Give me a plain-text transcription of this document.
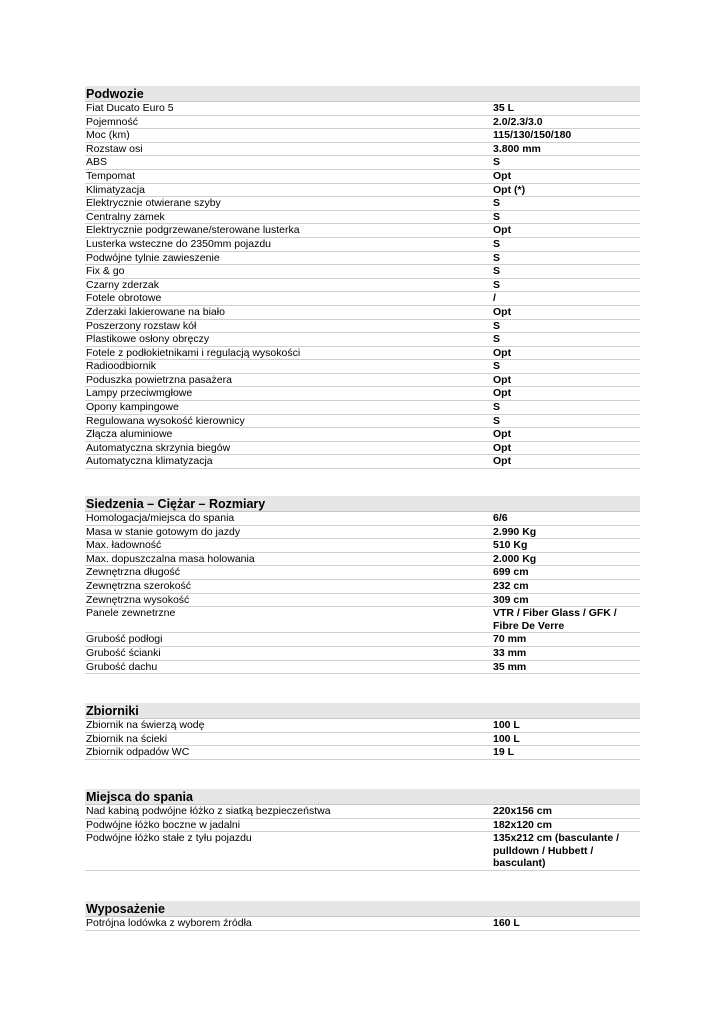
Podwozie
Fiat Ducato Euro 5	35 L
Pojemność	2.0/2.3/3.0
Moc (km)	115/130/150/180
Rozstaw osi	3.800 mm
ABS	S
Tempomat	Opt
Klimatyzacja	Opt (*)
Elektrycznie otwierane szyby	S
Centralny zamek	S
Elektrycznie podgrzewane/sterowane lusterka	Opt
Lusterka wsteczne do 2350mm pojazdu	S
Podwójne tylnie zawieszenie	S
Fix & go	S
Czarny zderzak	S
Fotele obrotowe	/
Zderzaki lakierowane na biało	Opt
Poszerzony rozstaw kół	S
Plastikowe osłony obręczy	S
Fotele z podłokietnikami i regulacją wysokości	Opt
Radioodbiornik	S
Poduszka powietrzna pasażera	Opt
Lampy przeciwmgłowe	Opt
Opony kampingowe	S
Regulowana wysokość kierownicy	S
Złącza aluminiowe	Opt
Automatyczna skrzynia biegów	Opt
Automatyczna klimatyzacja	Opt
Siedzenia – Ciężar – Rozmiary
Homologacja/miejsca do spania	6/6
Masa w stanie gotowym do jazdy	2.990 Kg
Max. ładowność	510 Kg
Max. dopuszczalna masa holowania	2.000 Kg
Zewnętrzna długość	699 cm
Zewnętrzna szerokość	232 cm
Zewnętrzna wysokość	309 cm
Panele zewnetrzne	VTR / Fiber Glass / GFK / Fibre De Verre
Grubość podłogi	70 mm
Grubość ścianki	33 mm
Grubość dachu	35 mm
Zbiorniki
Zbiornik na świerzą wodę	100 L
Zbiornik na ścieki	100 L
Zbiornik odpadów WC	19 L
Miejsca do spania
Nad kabiną podwójne łóżko z siatką bezpieczeństwa	220x156 cm
Podwójne łóżko boczne w jadalni	182x120 cm
Podwójne łóżko stałe z tyłu pojazdu	135x212 cm (basculante / pulldown / Hubbett / basculant)
Wyposażenie
Potrójna lodówka z wyborem źródła	160 L
